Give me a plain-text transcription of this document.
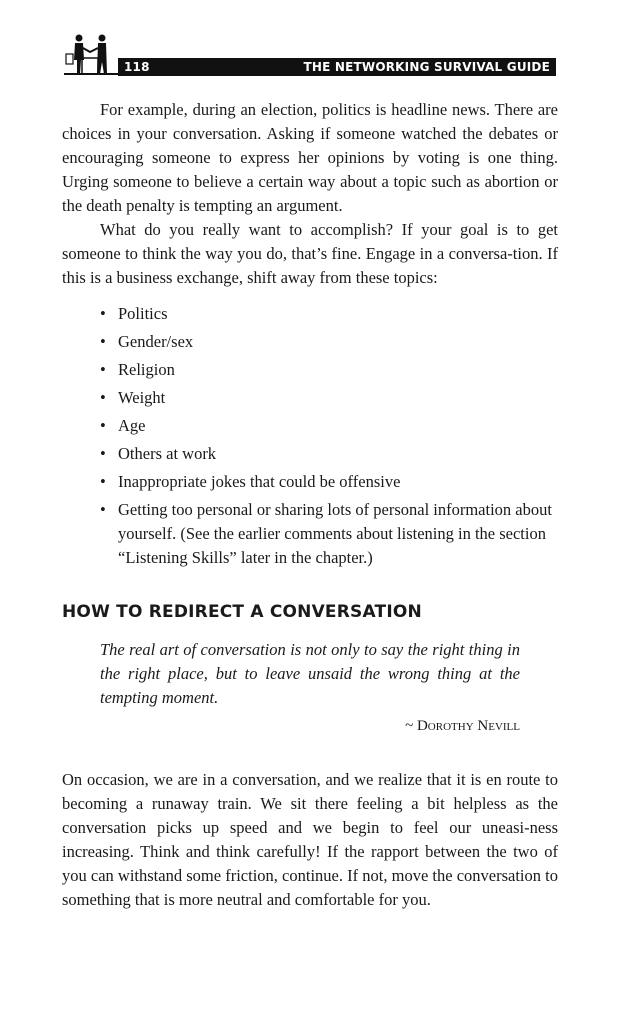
118	THE NETWORKING SURVIVAL GUIDE

For example, during an election, politics is headline news. There are choices in your conversation. Asking if someone watched the debates or encouraging someone to express her opinions by voting is one thing. Urging someone to believe a certain way about a topic such as abortion or the death penalty is tempting an argument.

What do you really want to accomplish? If your goal is to get someone to think the way you do, that’s fine. Engage in a conversa-tion. If this is a business exchange, shift away from these topics:

• Politics
• Gender/sex
• Religion
• Weight
• Age
• Others at work
• Inappropriate jokes that could be offensive
• Getting too personal or sharing lots of personal information about yourself. (See the earlier comments about listening in the section “Listening Skills” later in the chapter.)
HOW TO REDIRECT A CONVERSATION

The real art of conversation is not only to say the right thing in the right place, but to leave unsaid the wrong thing at the tempting moment.

~ Dorothy Nevill

On occasion, we are in a conversation, and we realize that it is en route to becoming a runaway train. We sit there feeling a bit helpless as the conversation picks up speed and we begin to feel our uneasi-ness increasing. Think and think carefully! If the rapport between the two of you can withstand some friction, continue. If not, move the conversation to something that is more neutral and comfortable for you.
